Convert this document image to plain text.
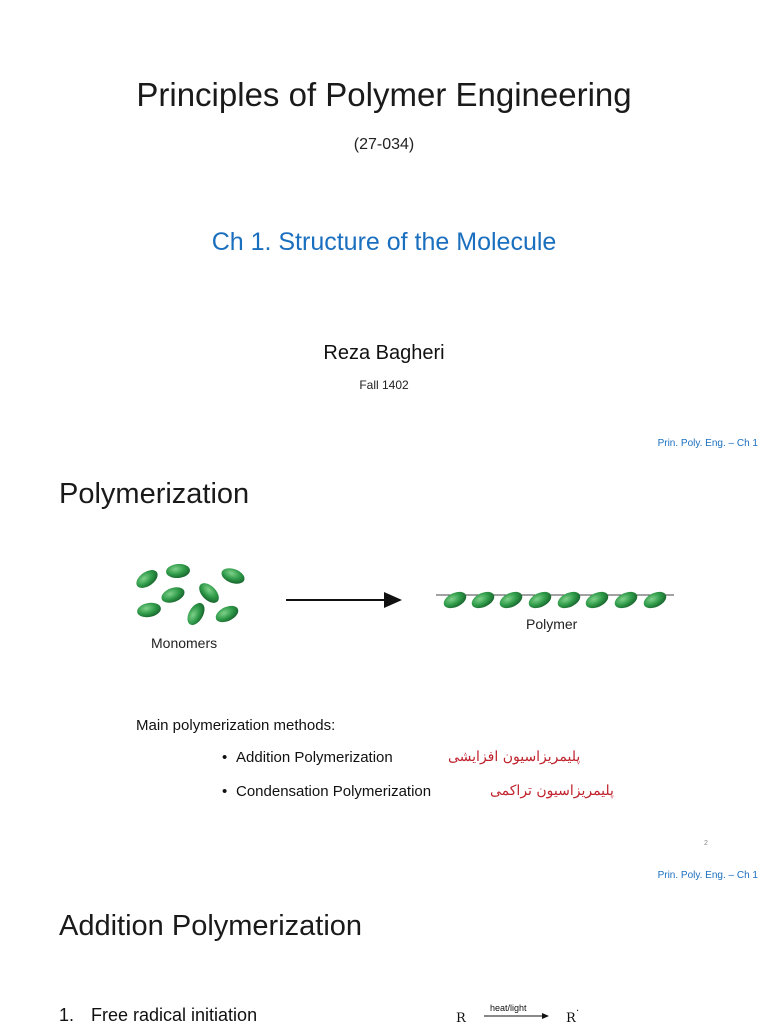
Principles of Polymer Engineering
(27-034)
Ch 1. Structure of the Molecule
Reza Bagheri
Fall 1402
Prin. Poly. Eng. – Ch 1
Polymerization
Monomers
Polymer
Main polymerization methods:
• Addition Polymerization	پلیمریزاسیون افزایشی
• Condensation Polymerization	پلیمریزاسیون تراکمی
2
Prin. Poly. Eng. – Ch 1
Addition Polymerization
1. Free radical initiation	R
heat/light
R ·
